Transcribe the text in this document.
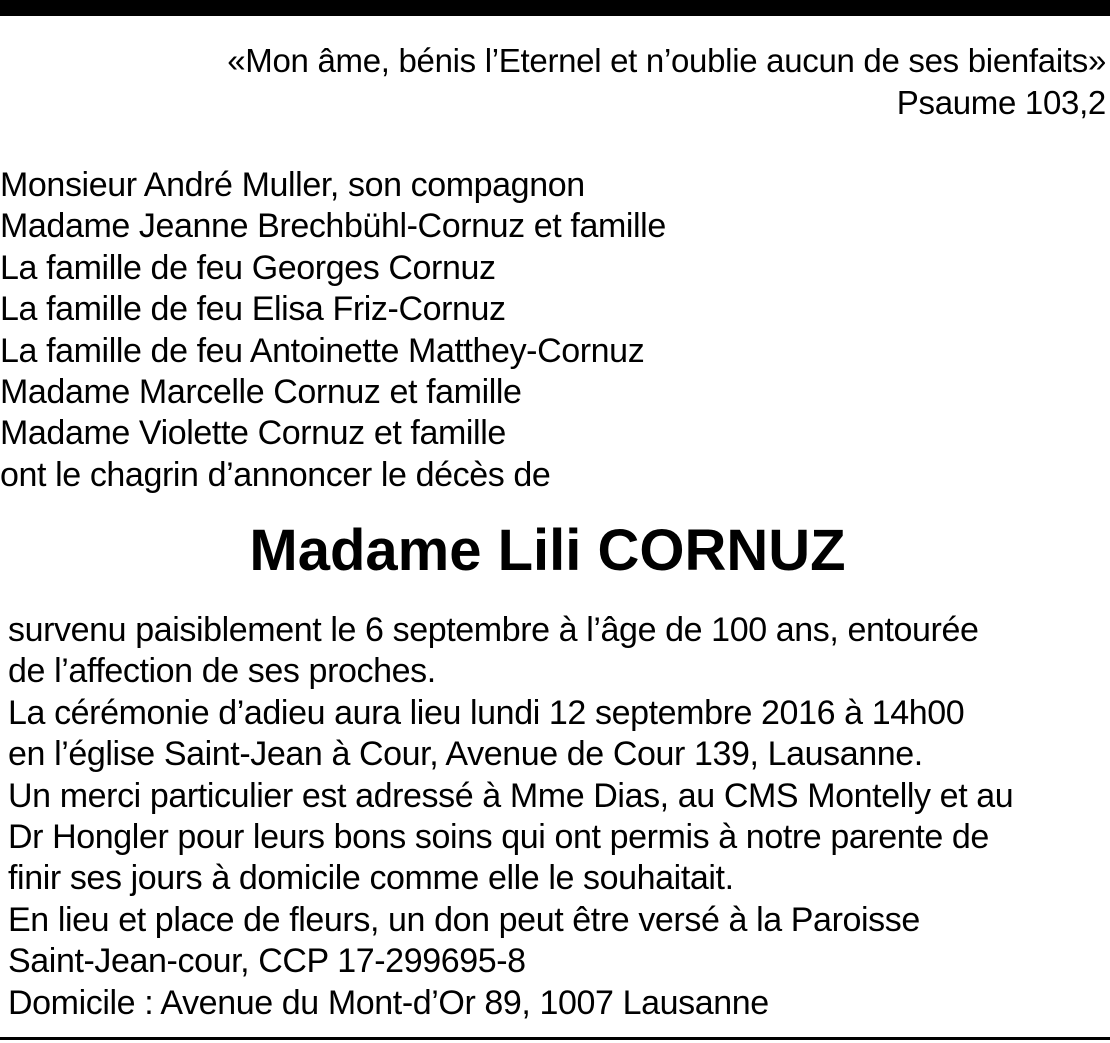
«Mon âme, bénis l’Eternel et n’oublie aucun de ses bienfaits»
Psaume 103,2
Monsieur André Muller, son compagnon
Madame Jeanne Brechbühl-Cornuz et famille
La famille de feu Georges Cornuz
La famille de feu Elisa Friz-Cornuz
La famille de feu Antoinette Matthey-Cornuz
Madame Marcelle Cornuz et famille
Madame Violette Cornuz et famille
ont le chagrin d’annoncer le décès de
Madame Lili CORNUZ
survenu paisiblement le 6 septembre à l’âge de 100 ans, entourée
de l’affection de ses proches.
La cérémonie d’adieu aura lieu lundi 12 septembre 2016 à 14h00
en l’église Saint-Jean à Cour, Avenue de Cour 139, Lausanne.
Un merci particulier est adressé à Mme Dias, au CMS Montelly et au
Dr Hongler pour leurs bons soins qui ont permis à notre parente de
finir ses jours à domicile comme elle le souhaitait.
En lieu et place de fleurs, un don peut être versé à la Paroisse
Saint-Jean-cour, CCP 17-299695-8
Domicile : Avenue du Mont-d’Or 89, 1007 Lausanne
